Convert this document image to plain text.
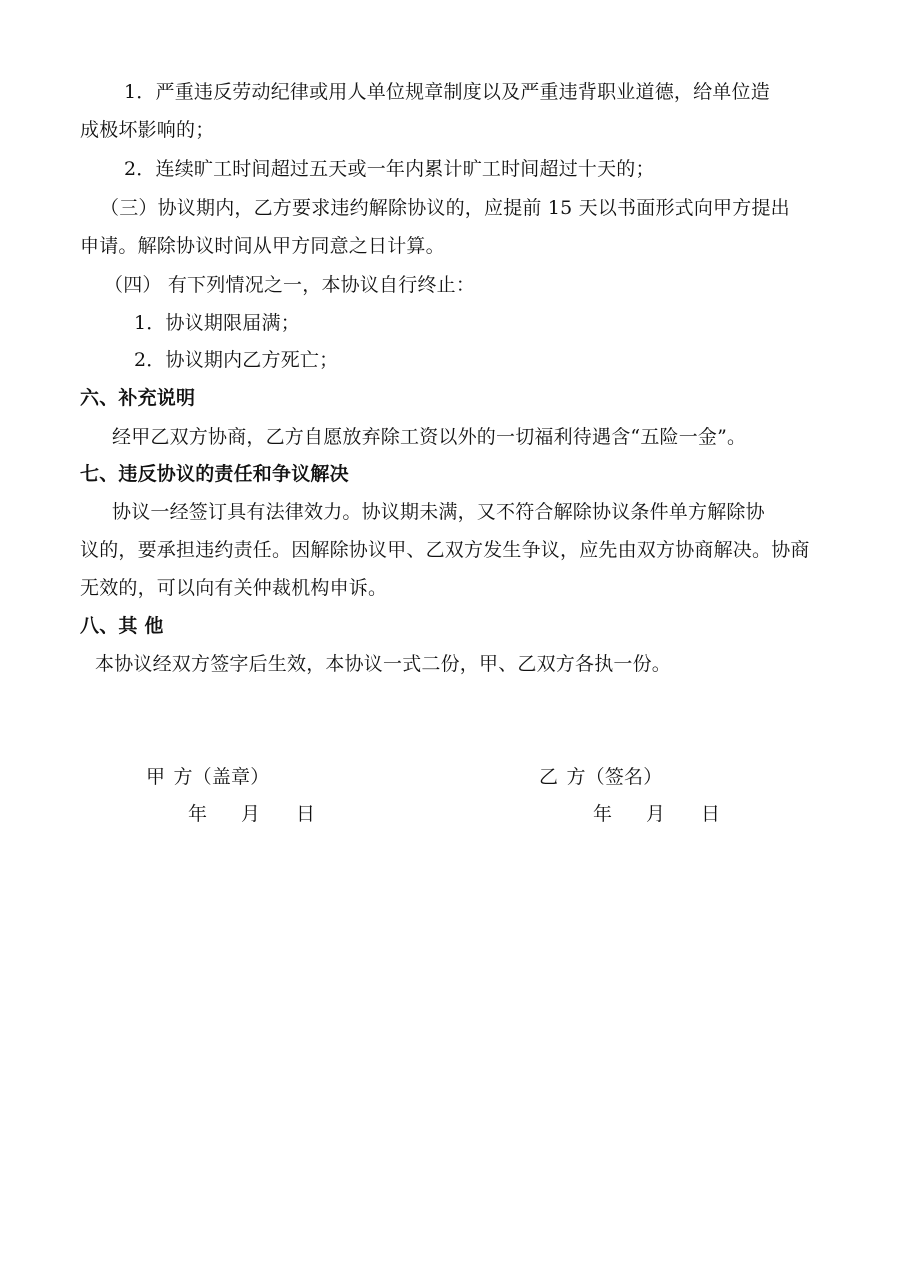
1．严重违反劳动纪律或用人单位规章制度以及严重违背职业道德，给单位造
成极坏影响的；
2．连续旷工时间超过五天或一年内累计旷工时间超过十天的；
（三）协议期内，乙方要求违约解除协议的，应提前 15 天以书面形式向甲方提出
申请。解除协议时间从甲方同意之日计算。
（四） 有下列情况之一，本协议自行终止：
1．协议期限届满；
2．协议期内乙方死亡；
六、补充说明
经甲乙双方协商，乙方自愿放弃除工资以外的一切福利待遇含“五险一金”。
七、违反协议的责任和争议解决
协议一经签订具有法律效力。协议期未满，又不符合解除协议条件单方解除协
议的，要承担违约责任。因解除协议甲、乙双方发生争议，应先由双方协商解决。协商
无效的，可以向有关仲裁机构申诉。
八、其 他
本协议经双方签字后生效，本协议一式二份，甲、乙双方各执一份。
甲 方（盖章）	乙 方（签名）
年 月 日	年 月 日
